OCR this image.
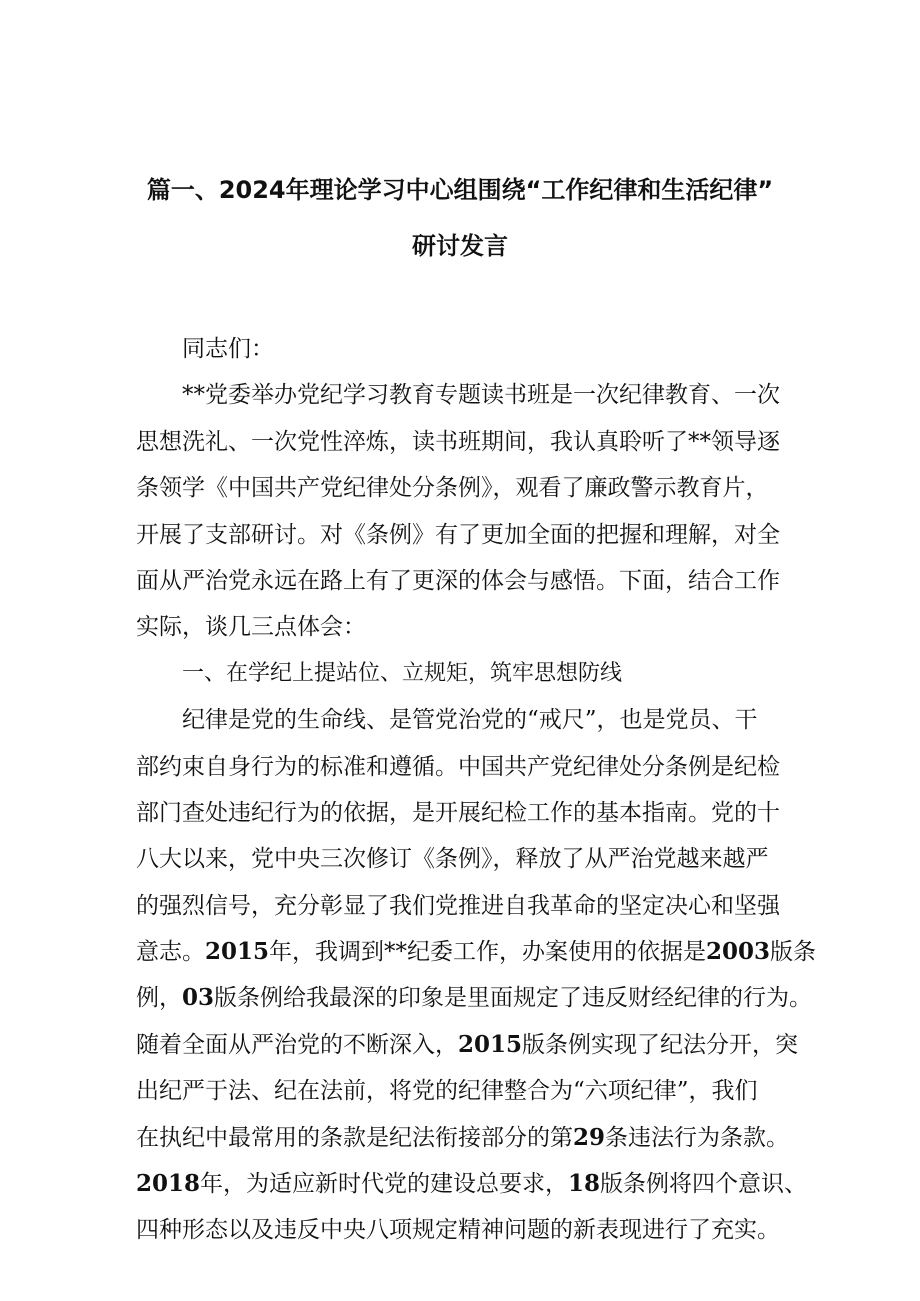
篇一、2024年理论学习中心组围绕“工作纪律和生活纪律”
研讨发言
同志们：
**党委举办党纪学习教育专题读书班是一次纪律教育、一次
思想洗礼、一次党性淬炼，读书班期间，我认真聆听了**领导逐
条领学《中国共产党纪律处分条例》，观看了廉政警示教育片，
开展了支部研讨。对《条例》有了更加全面的把握和理解，对全
面从严治党永远在路上有了更深的体会与感悟。下面，结合工作
实际，谈几三点体会：
一、在学纪上提站位、立规矩，筑牢思想防线
纪律是党的生命线、是管党治党的“戒尺”，也是党员、干
部约束自身行为的标准和遵循。中国共产党纪律处分条例是纪检
部门查处违纪行为的依据，是开展纪检工作的基本指南。党的十
八大以来，党中央三次修订《条例》，释放了从严治党越来越严
的强烈信号，充分彰显了我们党推进自我革命的坚定决心和坚强
意志。2015年，我调到**纪委工作，办案使用的依据是2003版条
例，03版条例给我最深的印象是里面规定了违反财经纪律的行为。
随着全面从严治党的不断深入，2015版条例实现了纪法分开，突
出纪严于法、纪在法前，将党的纪律整合为“六项纪律”，我们
在执纪中最常用的条款是纪法衔接部分的第29条违法行为条款。
2018年，为适应新时代党的建设总要求，18版条例将四个意识、
四种形态以及违反中央八项规定精神问题的新表现进行了充实。
